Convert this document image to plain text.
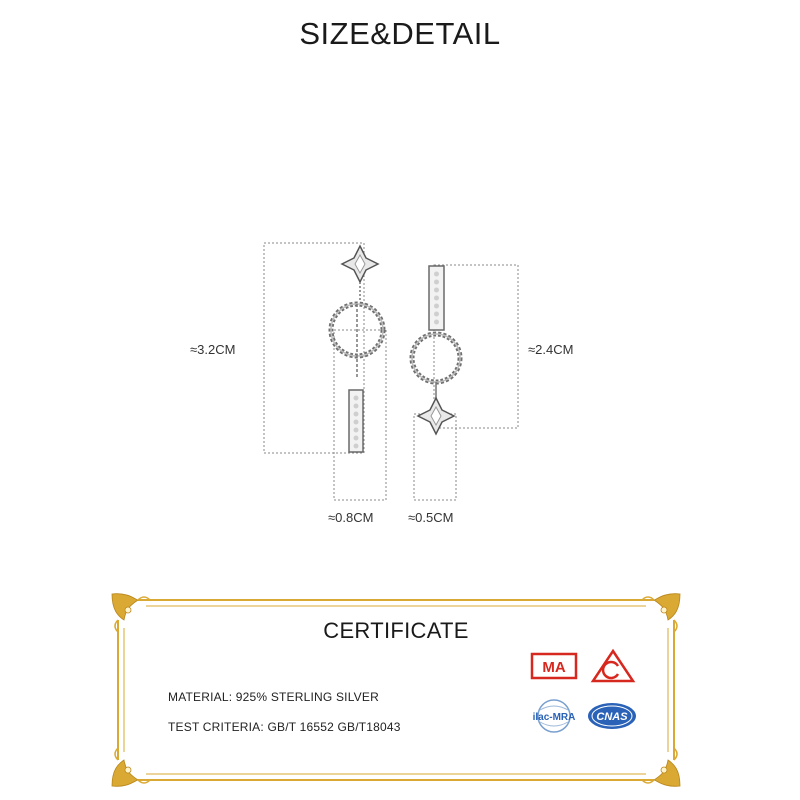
SIZE&DETAIL
≈3.2CM	≈2.4CM
≈0.8CM	≈0.5CM
CERTIFICATE
MATERIAL: 925% STERLING SILVER
TEST CRITERIA: GB/T 16552 GB/T18043
MA
ilac-MRA CNAS
